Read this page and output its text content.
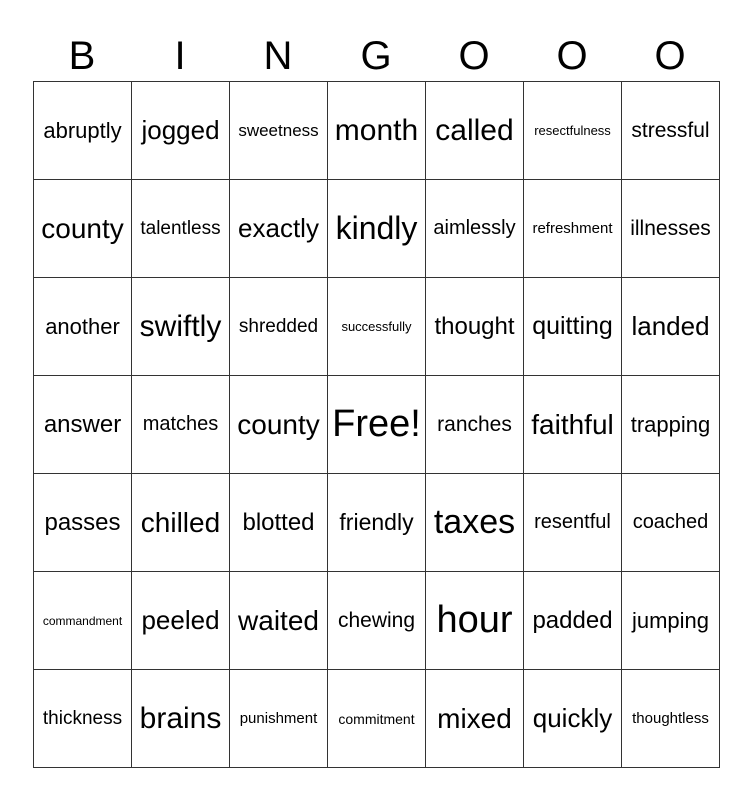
B	I	N	G	O	O	O
abruptly	jogged	sweetness	month	called	resectfulness	stressful
county	talentless	exactly	kindly	aimlessly	refreshment	illnesses
another	swiftly	shredded	successfully	thought	quitting	landed
answer	matches	county	Free!	ranches	faithful	trapping
passes	chilled	blotted	friendly	taxes	resentful	coached
commandment	peeled	waited	chewing	hour	padded	jumping
thickness	brains	punishment	commitment	mixed	quickly	thoughtless
